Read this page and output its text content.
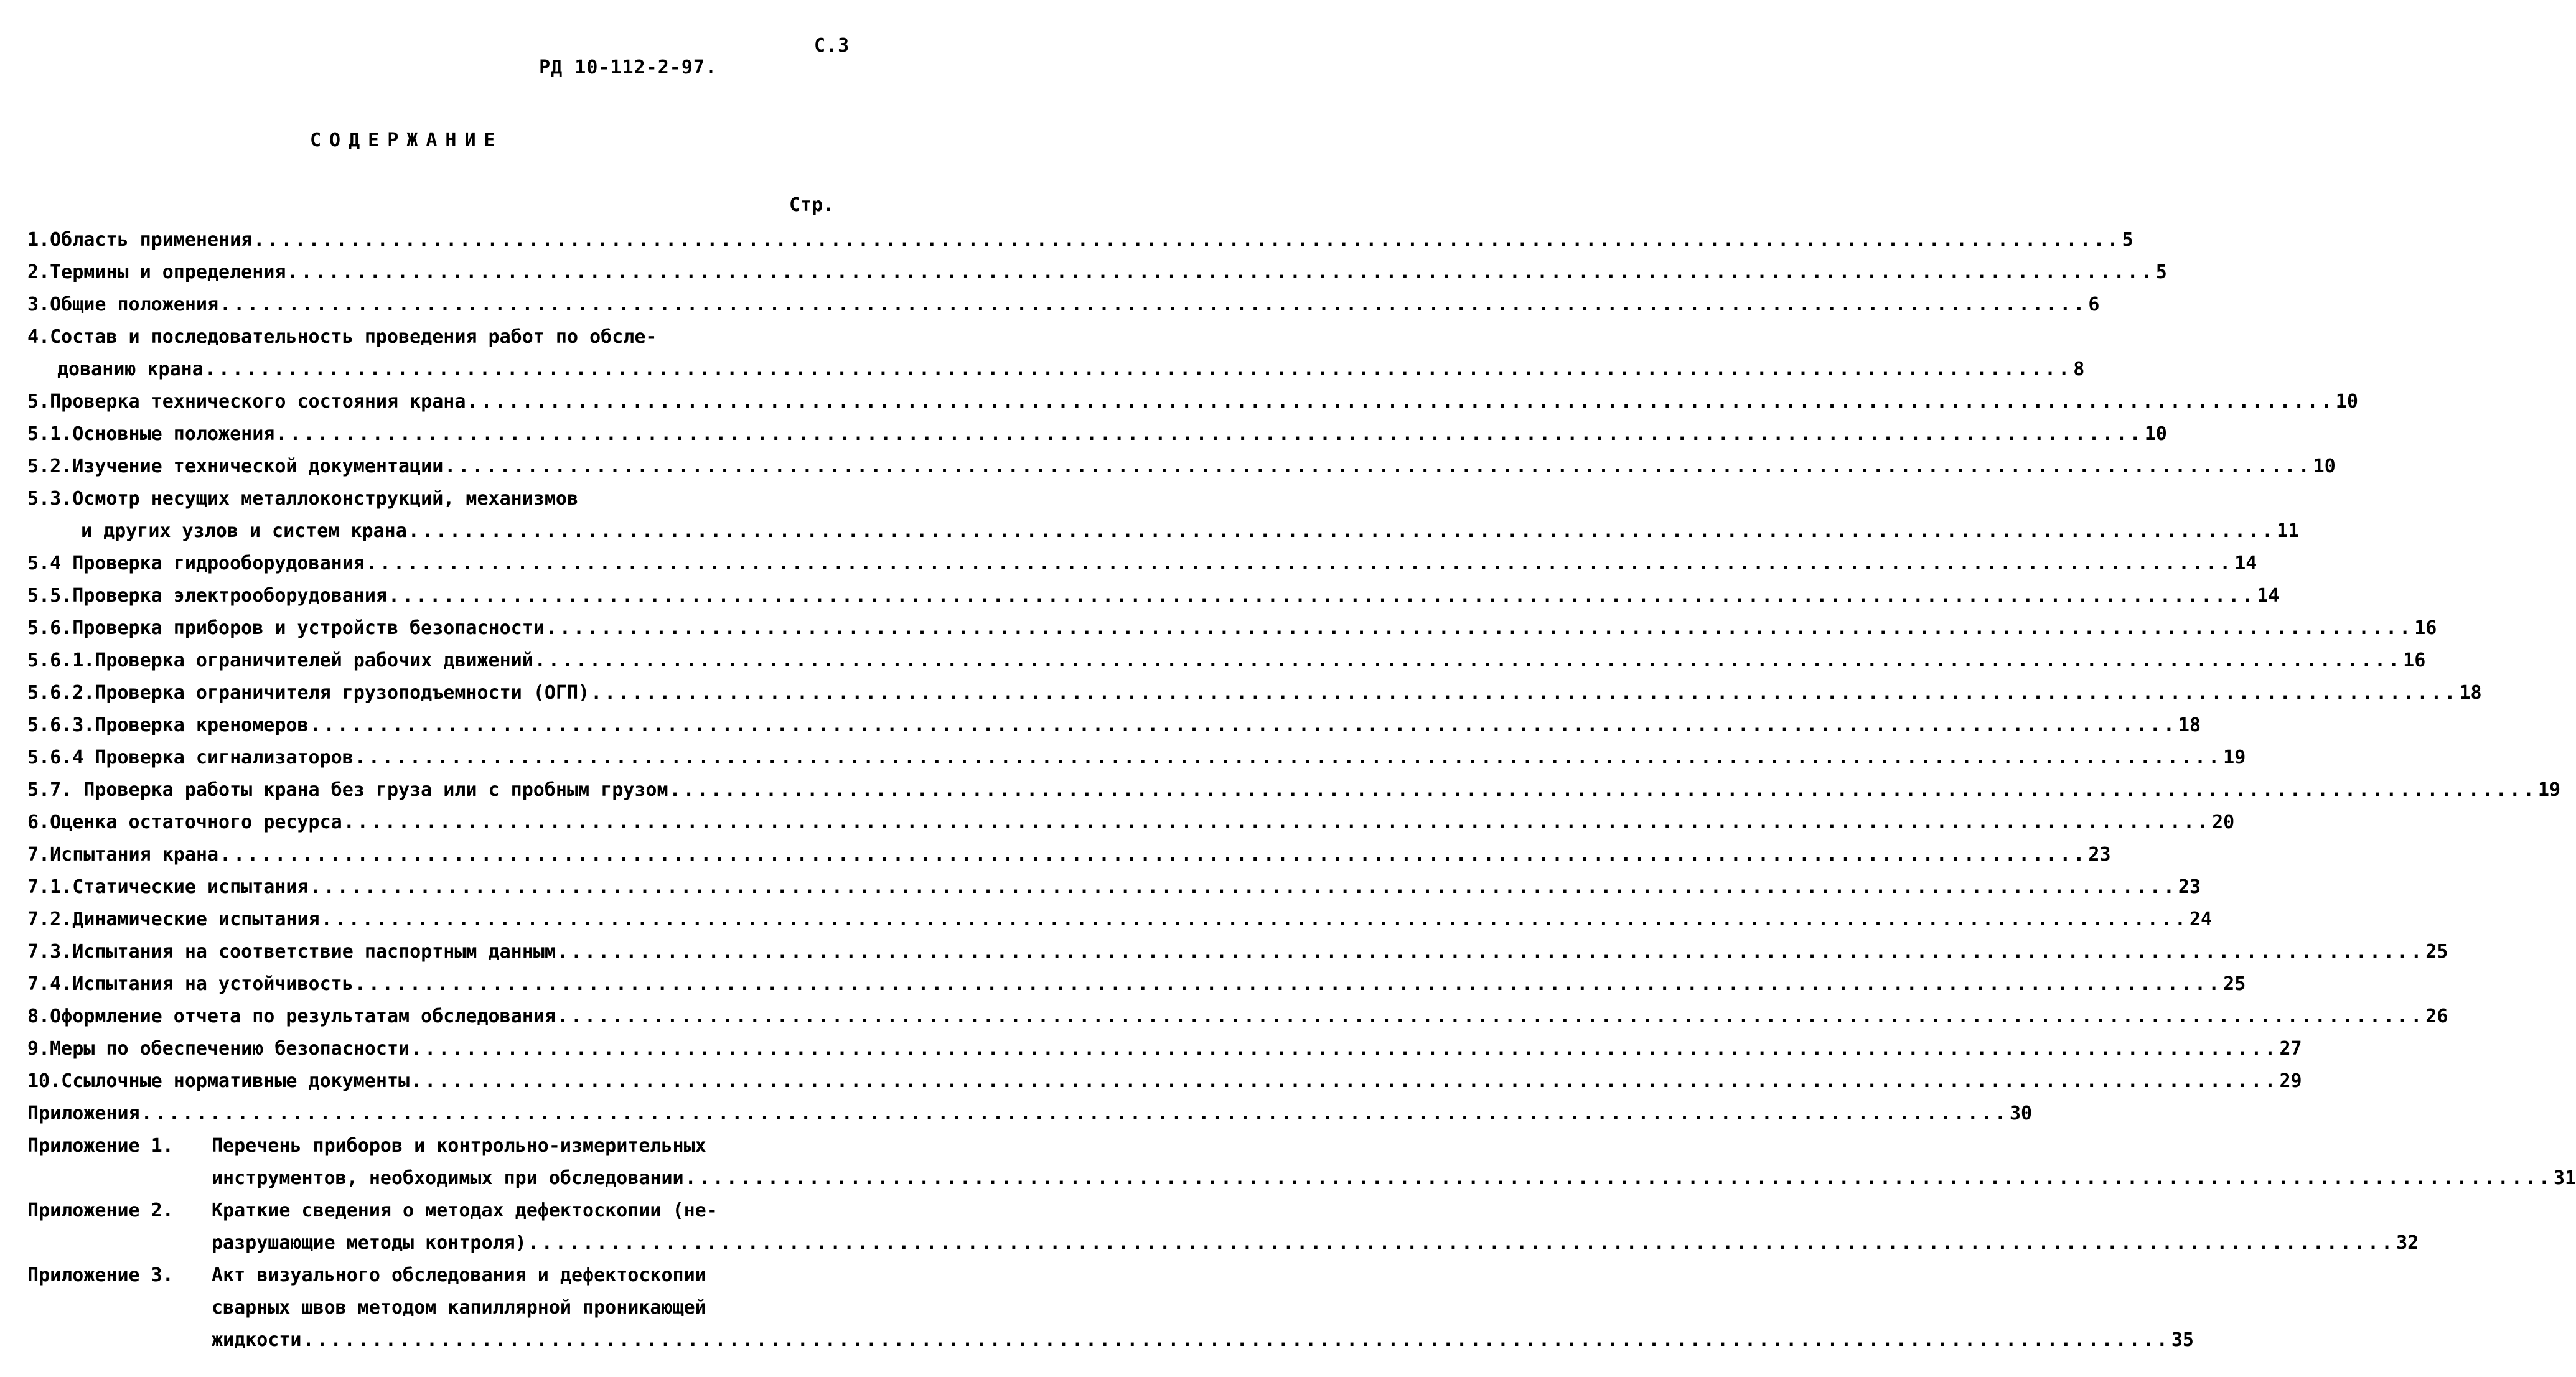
РД 10-112-2-97.

С.3

СОДЕРЖАНИЕ
Стр.
1.Область применения .....	5
2.Термины и определения .....	5
3.Общие положения .....	6
4.Состав и последовательность проведения работ по обсле-
дованию крана .....	8
5.Проверка технического состояния крана .....	10
5.1.Основные положения .....	10
5.2.Изучение технической документации .....	10
5.3.Осмотр несущих металлоконструкций, механизмов
и других узлов и систем крана .....	11
5.4 Проверка гидрооборудования .....	14
5.5.Проверка электрооборудования .....	14
5.6.Проверка приборов и устройств безопасности .....	16
5.6.1.Проверка ограничителей рабочих движений .....	16
5.6.2.Проверка ограничителя грузоподъемности (ОГП) .....	18
5.6.3.Проверка креномеров .....	18
5.6.4 Проверка сигнализаторов .....	19
5.7. Проверка работы крана без груза или с пробным грузом .....	19
6.Оценка остаточного ресурса .....	20
7.Испытания крана .....	23
7.1.Статические испытания .....	23
7.2.Динамические испытания .....	24
7.3.Испытания на соответствие паспортным данным .....	25
7.4.Испытания на устойчивость .....	25
8.Оформление отчета по результатам обследования .....	26
9.Меры по обеспечению безопасности .....	27
10.Ссылочные нормативные документы .....	29
Приложения .....	30
Приложение 1.	Перечень приборов и контрольно-измерительных
инструментов, необходимых при обследовании .....	31
Приложение 2.	Краткие сведения о методах дефектоскопии (не-
разрушающие методы контроля) .....	32
Приложение 3.	Акт визуального обследования и дефектоскопии
сварных швов методом капиллярной проникающей
жидкости .....	35
